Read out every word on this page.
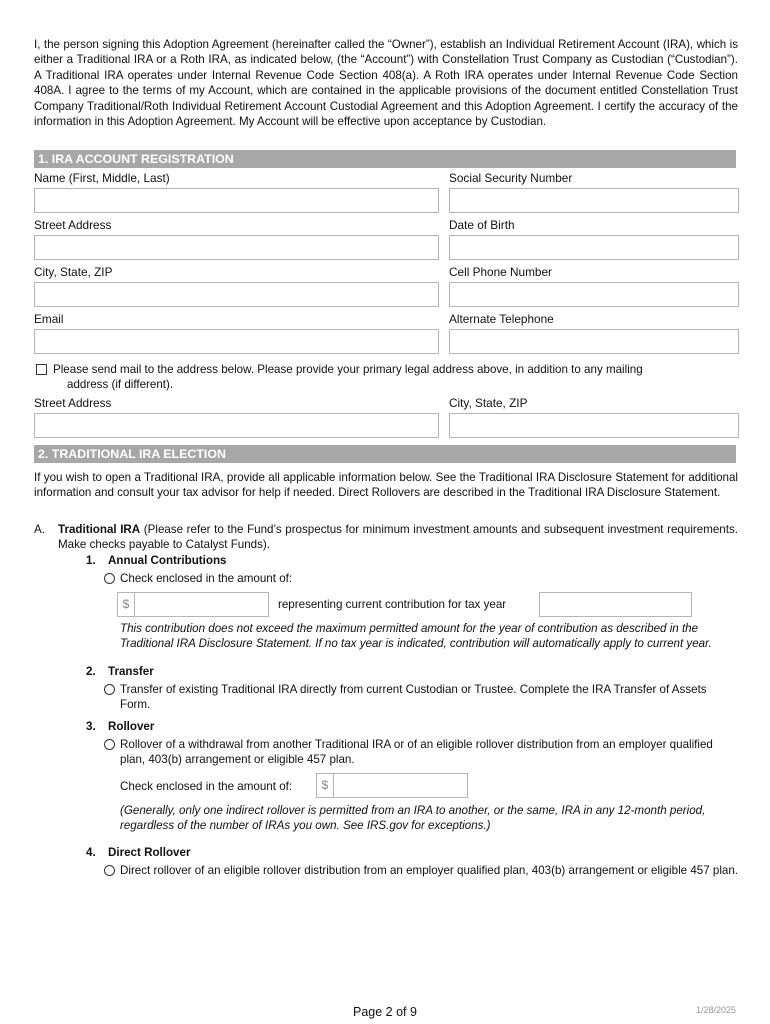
I, the person signing this Adoption Agreement (hereinafter called the “Owner”), establish an Individual Retirement Account (IRA), which is either a Traditional IRA or a Roth IRA, as indicated below, (the “Account”) with Constellation Trust Company as Custodian (“Custodian”). A Traditional IRA operates under Internal Revenue Code Section 408(a). A Roth IRA operates under Internal Revenue Code Section 408A. I agree to the terms of my Account, which are contained in the applicable provisions of the document entitled Constellation Trust Company Traditional/Roth Individual Retirement Account Custodial Agreement and this Adoption Agreement. I certify the accuracy of the information in this Adoption Agreement. My Account will be effective upon acceptance by Custodian.
1. IRA ACCOUNT REGISTRATION
Name (First, Middle, Last)	Social Security Number
Street Address	Date of Birth
City, State, ZIP	Cell Phone Number
Email	Alternate Telephone
Please send mail to the address below. Please provide your primary legal address above, in addition to any mailing
address (if different).
Street Address	City, State, ZIP
2. TRADITIONAL IRA ELECTION
If you wish to open a Traditional IRA, provide all applicable information below. See the Traditional IRA Disclosure Statement for additional information and consult your tax advisor for help if needed. Direct Rollovers are described in the Traditional IRA Disclosure Statement.
A. Traditional IRA (Please refer to the Fund’s prospectus for minimum investment amounts and subsequent investment requirements. Make checks payable to Catalyst Funds).
1. Annual Contributions
Check enclosed in the amount of:
$	representing current contribution for tax year
This contribution does not exceed the maximum permitted amount for the year of contribution as described in the Traditional IRA Disclosure Statement. If no tax year is indicated, contribution will automatically apply to current year.
2. Transfer
Transfer of existing Traditional IRA directly from current Custodian or Trustee. Complete the IRA Transfer of Assets Form.
3. Rollover
Rollover of a withdrawal from another Traditional IRA or of an eligible rollover distribution from an employer qualified plan, 403(b) arrangement or eligible 457 plan.
Check enclosed in the amount of:	$
(Generally, only one indirect rollover is permitted from an IRA to another, or the same, IRA in any 12-month period, regardless of the number of IRAs you own. See IRS.gov for exceptions.)
4. Direct Rollover
Direct rollover of an eligible rollover distribution from an employer qualified plan, 403(b) arrangement or eligible 457 plan.
Page 2 of 9	1/28/2025
